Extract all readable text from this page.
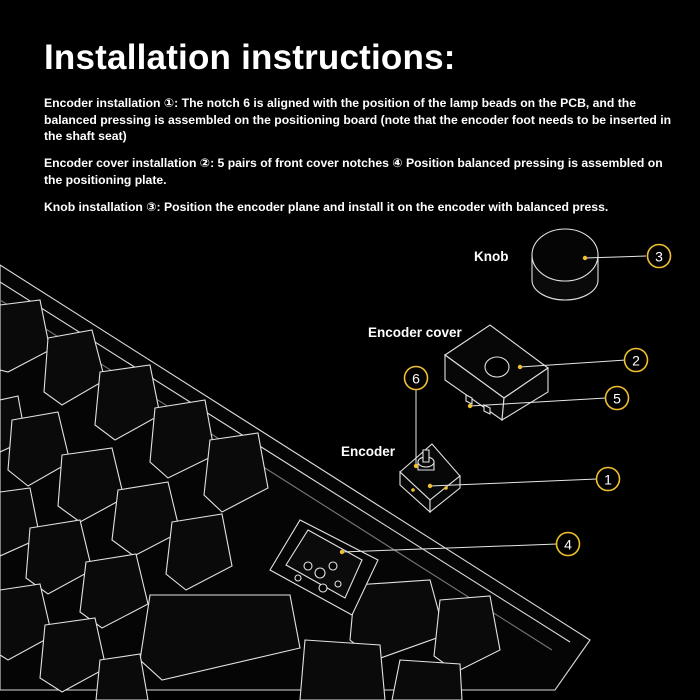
Installation instructions:

Encoder installation ①: The notch 6 is aligned with the position of the lamp beads on the PCB, and the balanced pressing is assembled on the positioning board (note that the encoder foot needs to be inserted in the shaft seat)

Encoder cover installation ②: 5 pairs of front cover notches ④ Position balanced pressing is assembled on the positioning plate.

Knob installation ③: Position the encoder plane and install it on the encoder with balanced press.

1
2
3
4
5
6
Knob
Encoder cover
Encoder
